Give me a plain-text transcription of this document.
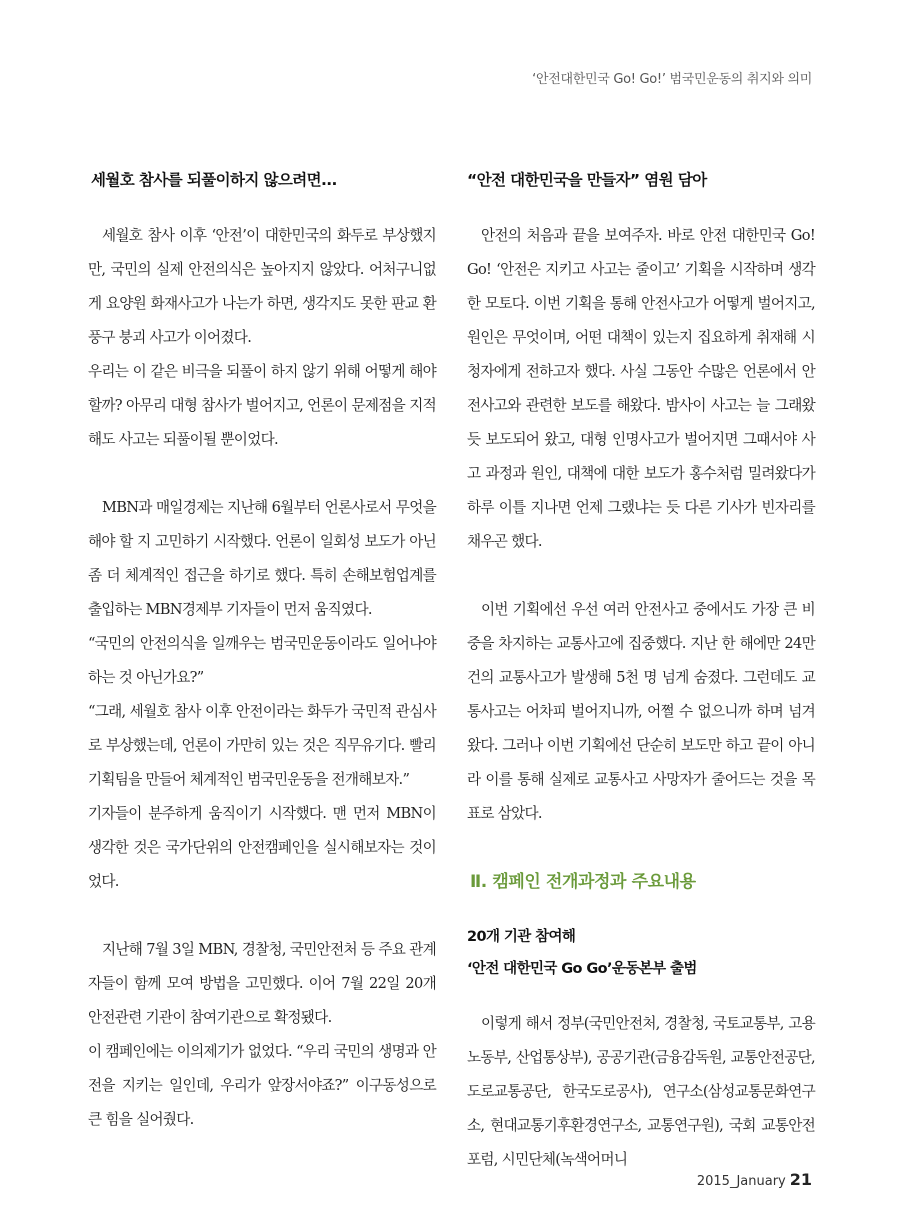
‘안전대한민국 Go! Go!’ 범국민운동의 취지와 의미
세월호 참사를 되풀이하지 않으려면...

세월호 참사 이후 ‘안전’이 대한민국의 화두로 부상했지만, 국민의 실제 안전의식은 높아지지 않았다. 어처구니없게 요양원 화재사고가 나는가 하면, 생각지도 못한 판교 환풍구 붕괴 사고가 이어졌다.

우리는 이 같은 비극을 되풀이 하지 않기 위해 어떻게 해야 할까? 아무리 대형 참사가 벌어지고, 언론이 문제점을 지적해도 사고는 되풀이될 뿐이었다.

MBN과 매일경제는 지난해 6월부터 언론사로서 무엇을 해야 할 지 고민하기 시작했다. 언론이 일회성 보도가 아닌 좀 더 체계적인 접근을 하기로 했다. 특히 손해보험업계를 출입하는 MBN경제부 기자들이 먼저 움직였다.

“국민의 안전의식을 일깨우는 범국민운동이라도 일어나야 하는 것 아닌가요?”

“그래, 세월호 참사 이후 안전이라는 화두가 국민적 관심사로 부상했는데, 언론이 가만히 있는 것은 직무유기다. 빨리 기획팀을 만들어 체계적인 범국민운동을 전개해보자.”

기자들이 분주하게 움직이기 시작했다. 맨 먼저 MBN이 생각한 것은 국가단위의 안전캠페인을 실시해보자는 것이었다.

지난해 7월 3일 MBN, 경찰청, 국민안전처 등 주요 관계자들이 함께 모여 방법을 고민했다. 이어 7월 22일 20개 안전관련 기관이 참여기관으로 확정됐다.

이 캠페인에는 이의제기가 없었다. “우리 국민의 생명과 안전을 지키는 일인데, 우리가 앞장서야죠?” 이구동성으로 큰 힘을 실어줬다.

“안전 대한민국을 만들자” 염원 담아

안전의 처음과 끝을 보여주자. 바로 안전 대한민국 Go! Go! ‘안전은 지키고 사고는 줄이고’ 기획을 시작하며 생각한 모토다. 이번 기획을 통해 안전사고가 어떻게 벌어지고, 원인은 무엇이며, 어떤 대책이 있는지 집요하게 취재해 시청자에게 전하고자 했다. 사실 그동안 수많은 언론에서 안전사고와 관련한 보도를 해왔다. 밤사이 사고는 늘 그래왔듯 보도되어 왔고, 대형 인명사고가 벌어지면 그때서야 사고 과정과 원인, 대책에 대한 보도가 홍수처럼 밀려왔다가 하루 이틀 지나면 언제 그랬냐는 듯 다른 기사가 빈자리를 채우곤 했다.

이번 기획에선 우선 여러 안전사고 중에서도 가장 큰 비중을 차지하는 교통사고에 집중했다. 지난 한 해에만 24만 건의 교통사고가 발생해 5천 명 넘게 숨졌다. 그런데도 교통사고는 어차피 벌어지니까, 어쩔 수 없으니까 하며 넘겨왔다. 그러나 이번 기획에선 단순히 보도만 하고 끝이 아니라 이를 통해 실제로 교통사고 사망자가 줄어드는 것을 목표로 삼았다.

Ⅱ. 캠페인 전개과정과 주요내용
20개 기관 참여해
‘안전 대한민국 Go Go’운동본부 출범

이렇게 해서 정부(국민안전처, 경찰청, 국토교통부, 고용노동부, 산업통상부), 공공기관(금융감독원, 교통안전공단, 도로교통공단, 한국도로공사), 연구소(삼성교통문화연구소, 현대교통기후환경연구소, 교통연구원), 국회 교통안전포럼, 시민단체(녹색어머니

2015_January 21
